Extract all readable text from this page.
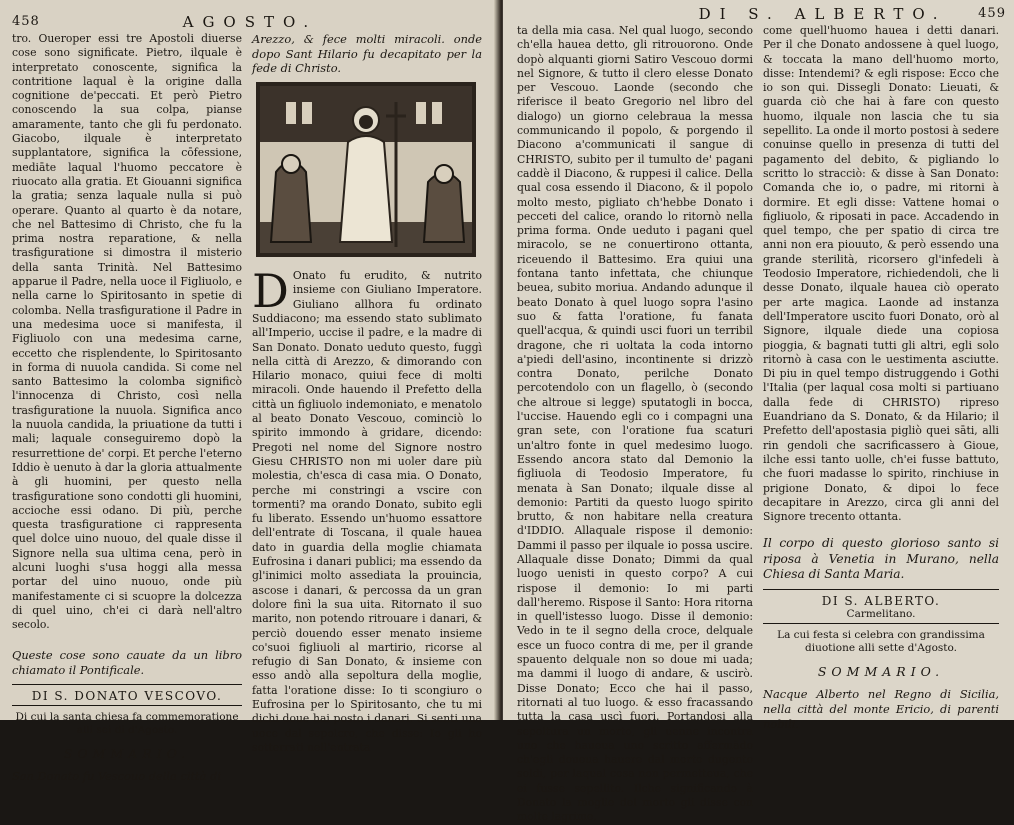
458	AGOSTO.

tro. Oueroper essi tre Apostoli diuerse cose sono significate. Pietro, ilquale è interpretato conoscente, significa la contritione laqual è la origine dalla cognitione de'peccati. Et però Pietro conoscendo la sua colpa, pianse amaramente, tanto che gli fu perdonato. Giacobo, ilquale è interpretato supplantatore, significa la cōfessione, mediāte laqual l'huomo peccatore è riuocato alla gratia. Et Giouanni significa la gratia; senza laquale nulla si può operare. Quanto al quarto è da notare, che nel Battesimo di Christo, che fu la prima nostra reparatione, & nella trasfiguratione si dimostra il misterio della santa Trinità. Nel Battesimo apparue il Padre, nella uoce il Figliuolo, e nella carne lo Spiritosanto in spetie di colomba. Nella trasfiguratione il Padre in una medesima uoce si manifesta, il Figliuolo con una medesima carne, eccetto che risplendente, lo Spiritosanto in forma di nuuola candida. Si come nel santo Battesimo la colomba significò l'innocenza di Christo, così nella trasfiguratione la nuuola. Significa anco la nuuola candida, la priuatione da tutti i mali; laquale conseguiremo dopò la resurrettione de' corpi. Et perche l'eterno Iddio è uenuto à dar la gloria attualmente à gli huomini, per questo nella trasfiguratione sono condotti gli huomini, accioche essi odano. Di più, perche questa trasfiguratione ci rappresenta quel dolce uino nuouo, del quale disse il Signore nella sua ultima cena, però in alcuni luoghi s'usa hoggi alla messa portar del uino nuouo, onde più manifestamente ci si scuopre la dolcezza di quel uino, ch'ei ci darà nell'altro secolo.

Queste cose sono cauate da un libro chiamato il Pontificale.

DI S. DONATO VESCOVO.
Di cui la santa chiesa fa commemoratione alli sei di d'Agosto.
SOMMARIO.

San Donato fu Vescouo della città di

Arezzo, & fece molti miracoli. onde dopo Sant Hilario fu decapitato per la fede di Christo.

D Onato fu erudito, & nutrito insieme con Giuliano Imperatore. Giuliano allhora fu ordinato Suddiacono; ma essendo stato sublimato all'Imperio, uccise il padre, e la madre di San Donato. Donato ueduto questo, fuggì nella città di Arezzo, & dimorando con Hilario monaco, quiui fece di molti miracoli. Onde hauendo il Prefetto della città un figliuolo indemoniato, e menatolo al beato Donato Vescouo, cominciò lo spirito immondo à gridare, dicendo: Pregoti nel nome del Signore nostro Giesu CHRISTO non mi uoler dare più molestia, ch'esca di casa mia. O Donato, perche mi constringi a vscire con tormenti? ma orando Donato, subito egli fu liberato. Essendo un'huomo essattore dell'entrate di Toscana, il quale hauea dato in guardia della moglie chiamata Eufrosina i danari publici; ma essendo da gl'inimici molto assediata la prouincia, ascose i danari, & percossa da un gran dolore finì la sua uita. Ritornato il suo marito, non potendo ritrouare i danari, & perciò douendo esser menato insieme co'suoi figliuoli al martirio, ricorse al refugio di San Donato, & insieme con esso andò alla sepoltura della moglie, fatta l'oratione disse: Io ti scongiuro o Eufrosina per lo Spiritosanto, che tu mi dichi doue hai posto i danari. Si senti una uoce dal sepolcro, che disse: Io gli ho sotterrati nell'entrata

DI S. ALBERTO. 459

ta della mia casa. Nel qual luogo, secondo ch'ella hauea detto, gli ritrouorono. Onde dopò alquanti giorni Satiro Vescouo dormi nel Signore, & tutto il clero elesse Donato per Vescouo. Laonde (secondo che riferisce il beato Gregorio nel libro del dialogo) un giorno celebraua la messa communicando il popolo, & porgendo il Diacono a'communicati il sangue di CHRISTO, subito per il tumulto de' pagani caddè il Diacono, & ruppesi il calice. Della qual cosa essendo il Diacono, & il popolo molto mesto, pigliato ch'hebbe Donato i pecceti del calice, orando lo ritornò nella prima forma. Onde ueduto i pagani quel miracolo, se ne conuertirono ottanta, riceuendo il Battesimo. Era quiui una fontana tanto infettata, che chiunque beuea, subito moriua. Andando adunque il beato Donato à quel luogo sopra l'asino suo & fatta l'oratione, fu fanata quell'acqua, & quindi usci fuori un terribil dragone, che ri uoltata la coda intorno a'piedi dell'asino, incontinente si drizzò contra Donato, perilche Donato percotendolo con un flagello, ò (secondo che altroue si legge) sputatogli in bocca, l'uccise. Hauendo egli co i compagni una gran sete, con l'oratione fua scaturi un'altro fonte in quel medesimo luogo. Essendo ancora stato dal Demonio la figliuola di Teodosio Imperatore, fu menata à San Donato; ilquale disse al demonio: Partiti da questo luogo spirito brutto, & non habitare nella creatura d'IDDIO. Allaquale rispose il demonio: Dammi il passo per ilquale io possa uscire. Allaquale disse Donato; Dimmi da qual luogo uenisti in questo corpo? A cui rispose il demonio: Io mi parti dall'heremo. Rispose il Santo: Hora ritorna in quell'istesso luogo. Disse il demonio: Vedo in te il segno della croce, delquale esce un fuoco contra di me, per il grande spauento delquale non so doue mi uada; ma dammi il luogo di andare, & uscirò. Disse Donato; Ecco che hai il passo, ritornati al tuo luogo. & esso fracassando tutta la casa uscì fuori. Portandosi alla sepoltura un morto, gli uenne incontra uno che haueua uno scritto affermādo ch'egli doueua hauere dal morto dugento soldi, per laqual cosa non permetteua, che ei fusse sepellito. Ilche significando à Donato la moglie del morto gli disse con molte lagrime,

come quell'huomo hauea i detti danari. Per il che Donato andossene à quel luogo, & toccata la mano dell'huomo morto, disse: Intendemi? & egli rispose: Ecco che io son qui. Dissegli Donato: Lieuati, & guarda ciò che hai à fare con questo huomo, ilquale non lascia che tu sia sepellito. La onde il morto postosi à sedere conuinse quello in presenza di tutti del pagamento del debito, & pigliando lo scritto lo stracciò: & disse à San Donato: Comanda che io, o padre, mi ritorni à dormire. Et egli disse: Vattene homai o figliuolo, & riposati in pace. Accadendo in quel tempo, che per spatio di circa tre anni non era piouuto, & però essendo una grande sterilità, ricorsero gl'infedeli à Teodosio Imperatore, richiedendoli, che li desse Donato, ilquale hauea ciò operato per arte magica. Laonde ad instanza dell'Imperatore uscito fuori Donato, orò al Signore, ilquale diede una copiosa pioggia, & bagnati tutti gli altri, egli solo ritornò à casa con le uestimenta asciutte. Di piu in quel tempo distruggendo i Gothi l'Italia (per laqual cosa molti si partiuano dalla fede di CHRISTO) ripreso Euandriano da S. Donato, & da Hilario; il Prefetto dell'apostasia pigliò quei sāti, alli rin gendoli che sacrificassero à Gioue, ilche essi tanto uolle, ch'ei fusse battuto, che fuori madasse lo spirito, rinchiuse in prigione Donato, & dipoi lo fece decapitare in Arezzo, circa gli anni del Signore trecento ottanta.

Il corpo di questo glorioso santo si riposa à Venetia in Murano, nella Chiesa di Santa Maria.

DI S. ALBERTO.
Carmelitano.
La cui festa si celebra con grandissima diuotione alli sette d'Agosto.
SOMMARIO.

Nacque Alberto nel Regno di Sicilia, nella città del monte Ericio, di parenti nobili.
